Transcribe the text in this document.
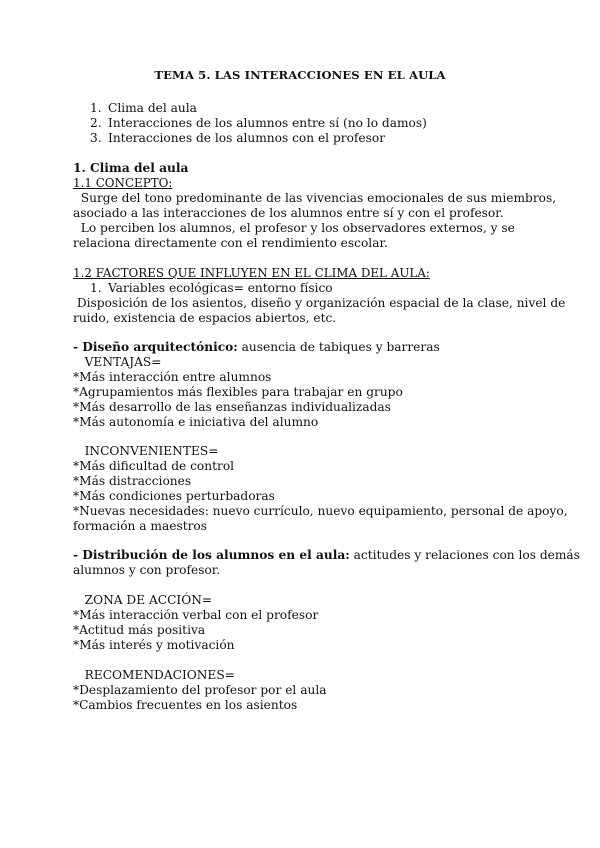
TEMA 5. LAS INTERACCIONES EN EL AULA
1. Clima del aula
2. Interacciones de los alumnos entre sí (no lo damos)
3. Interacciones de los alumnos con el profesor
1. Clima del aula
1.1 CONCEPTO:
Surge del tono predominante de las vivencias emocionales de sus miembros,
asociado a las interacciones de los alumnos entre sí y con el profesor.
Lo perciben los alumnos, el profesor y los observadores externos, y se
relaciona directamente con el rendimiento escolar.
1.2 FACTORES QUE INFLUYEN EN EL CLIMA DEL AULA:
1. Variables ecológicas= entorno físico
Disposición de los asientos, diseño y organización espacial de la clase, nivel de
ruido, existencia de espacios abiertos, etc.
- Diseño arquitectónico: ausencia de tabiques y barreras
VENTAJAS=
*Más interacción entre alumnos
*Agrupamientos más flexibles para trabajar en grupo
*Más desarrollo de las enseñanzas individualizadas
*Más autonomía e iniciativa del alumno
INCONVENIENTES=
*Más dificultad de control
*Más distracciones
*Más condiciones perturbadoras
*Nuevas necesidades: nuevo currículo, nuevo equipamiento, personal de apoyo,
formación a maestros
- Distribución de los alumnos en el aula: actitudes y relaciones con los demás
alumnos y con profesor.
ZONA DE ACCIÓN=
*Más interacción verbal con el profesor
*Actitud más positiva
*Más interés y motivación
RECOMENDACIONES=
*Desplazamiento del profesor por el aula
*Cambios frecuentes en los asientos
